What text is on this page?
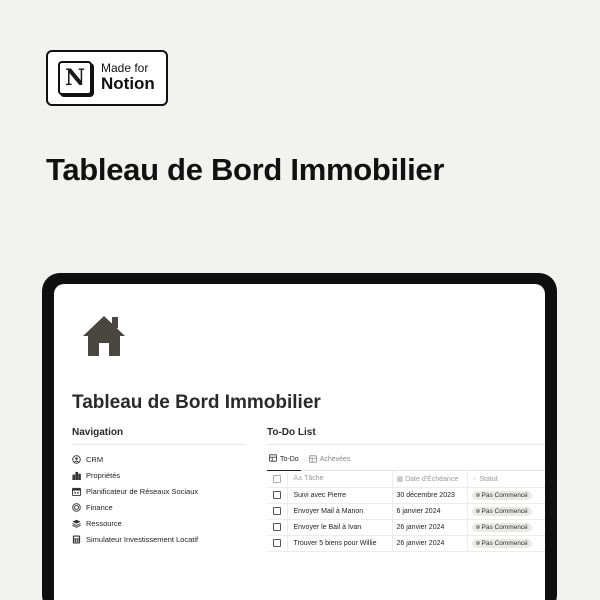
N	Made for
Notion
Tableau de Bord Immobilier
Tableau de Bord Immobilier
Navigation
CRM
Propriétés
Planificateur de Réseaux Sociaux
Finance
Ressource
Simulateur Investissement Locatif
To-Do List
To-Do	Achevées
	Aa Tâche	▦ Date d'Échéance	⁘ Statut
	Suivi avec Pierre	30 décembre 2023	Pas Commencé

	Envoyer Mail à Manon	6 janvier 2024	Pas Commencé

	Envoyer le Bail à Ivan	26 janvier 2024	Pas Commencé

	Trouver 5 biens pour Willie	26 janvier 2024	Pas Commencé
